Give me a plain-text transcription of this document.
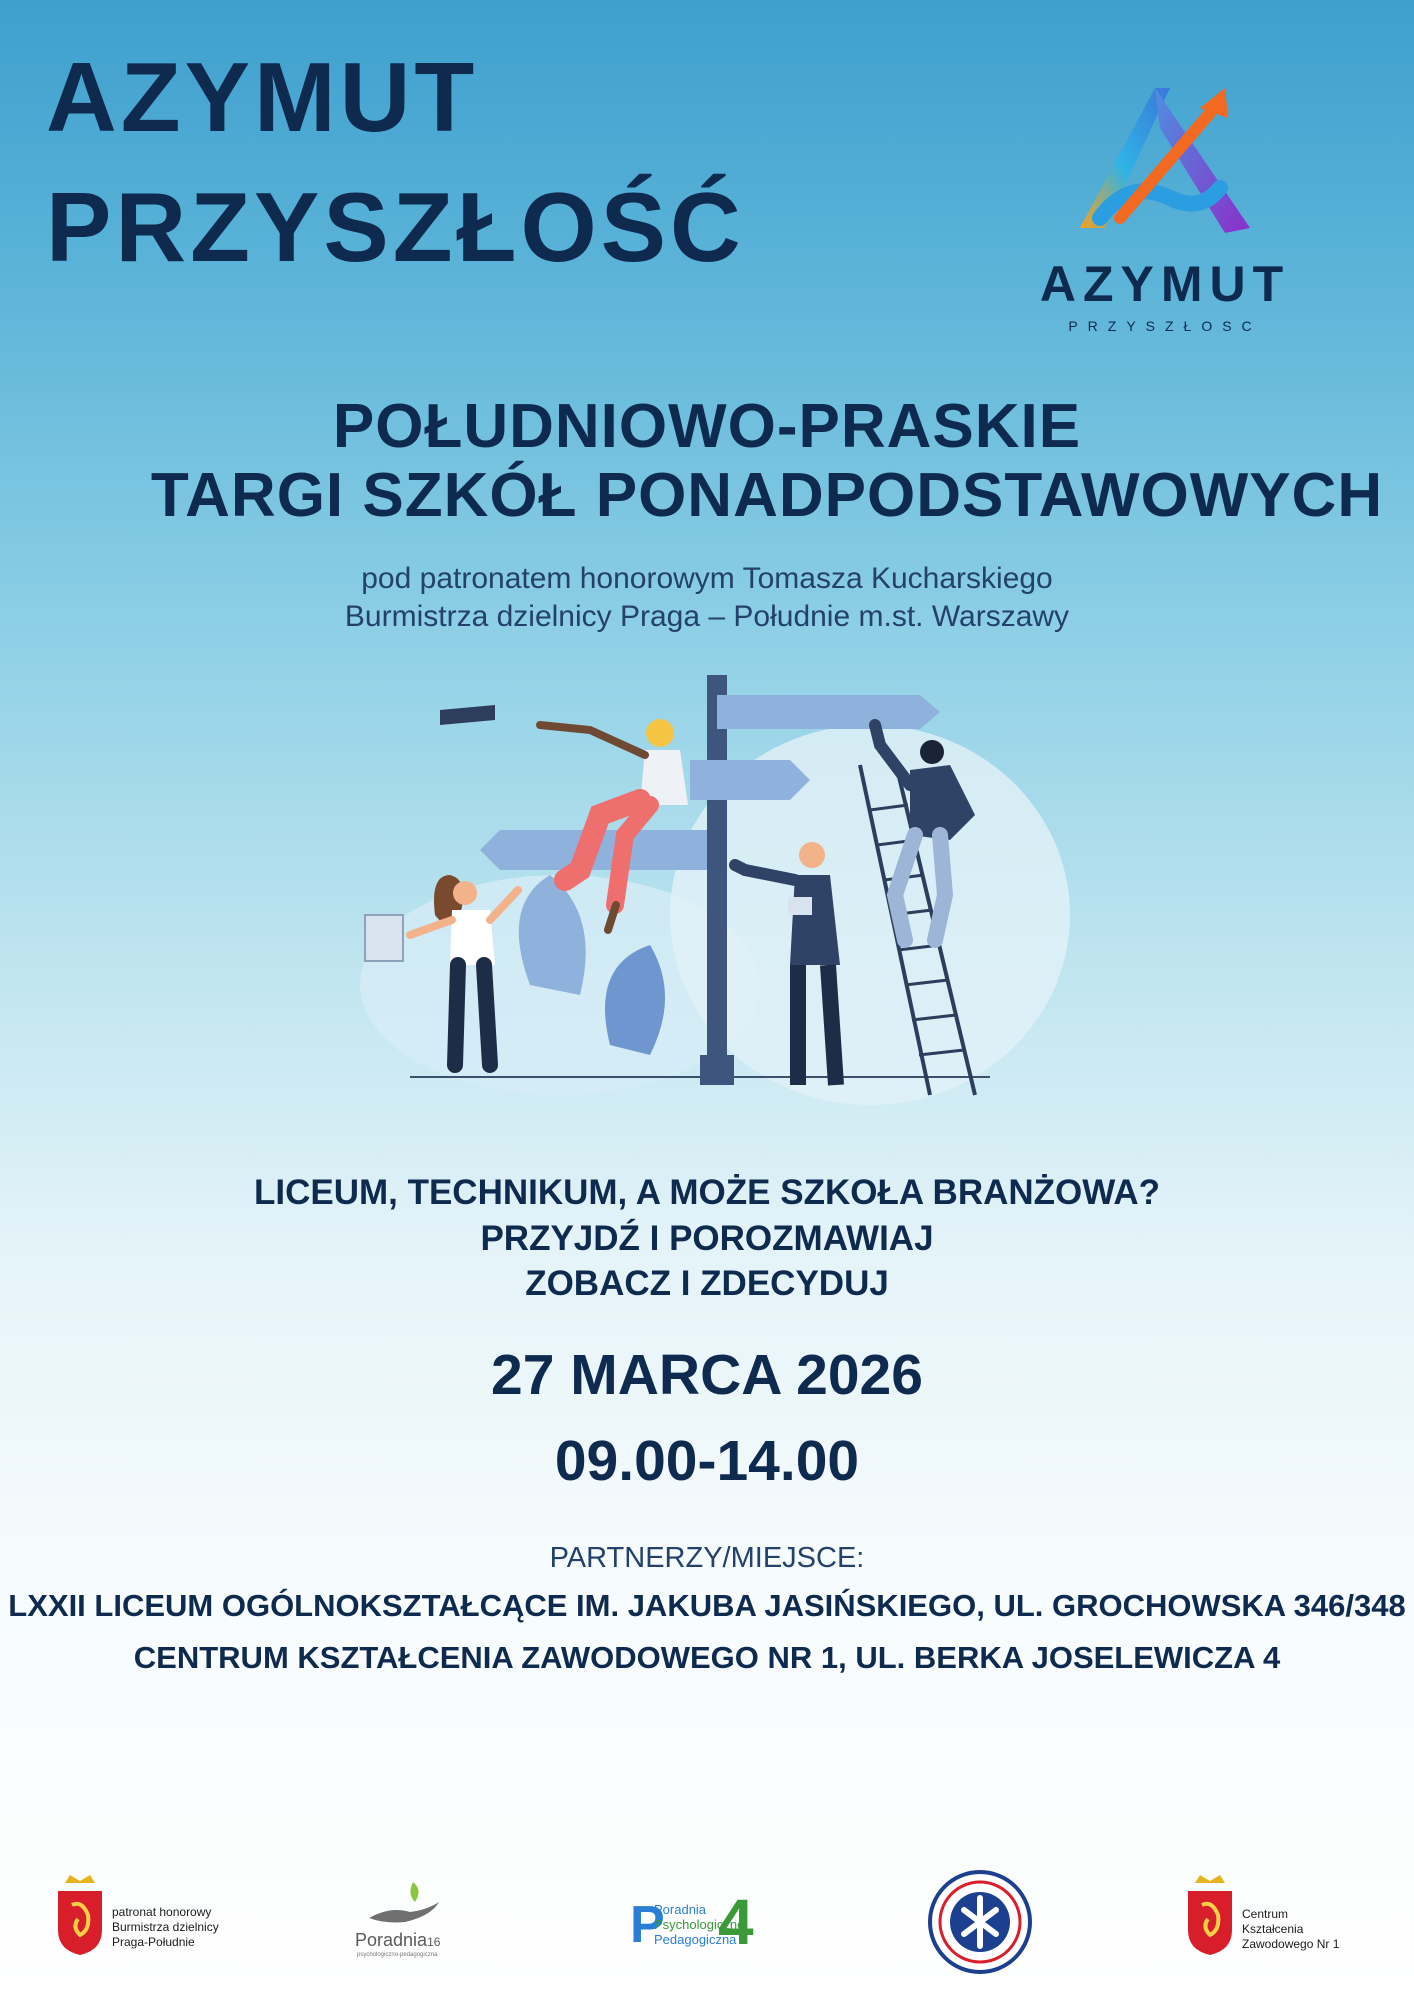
AZYMUT
PRZYSZŁOŚĆ
AZYMUT
PRZYSZŁOSC
POŁUDNIOWO-PRASKIE
TARGI SZKÓŁ PONADPODSTAWOWYCH
pod patronatem honorowym Tomasza Kucharskiego
Burmistrza dzielnicy Praga – Południe m.st. Warszawy
LICEUM, TECHNIKUM, A MOŻE SZKOŁA BRANŻOWA?
PRZYJDŹ I POROZMAWIAJ
ZOBACZ I ZDECYDUJ
27 MARCA 2026
09.00-14.00
PARTNERZY/MIEJSCE:
LXXII LICEUM OGÓLNOKSZTAŁCĄCE IM. JAKUBA JASIŃSKIEGO, UL. GROCHOWSKA 346/348
CENTRUM KSZTAŁCENIA ZAWODOWEGO NR 1, UL. BERKA JOSELEWICZA 4
patronat honorowy
Burmistrza dzielnicy
Praga-Południe	Poradnia16
psychologiczno-pedagogiczna
P 4
Poradnia
Psychologiczno
Pedagogiczna
Centrum
Kształcenia
Zawodowego Nr 1
